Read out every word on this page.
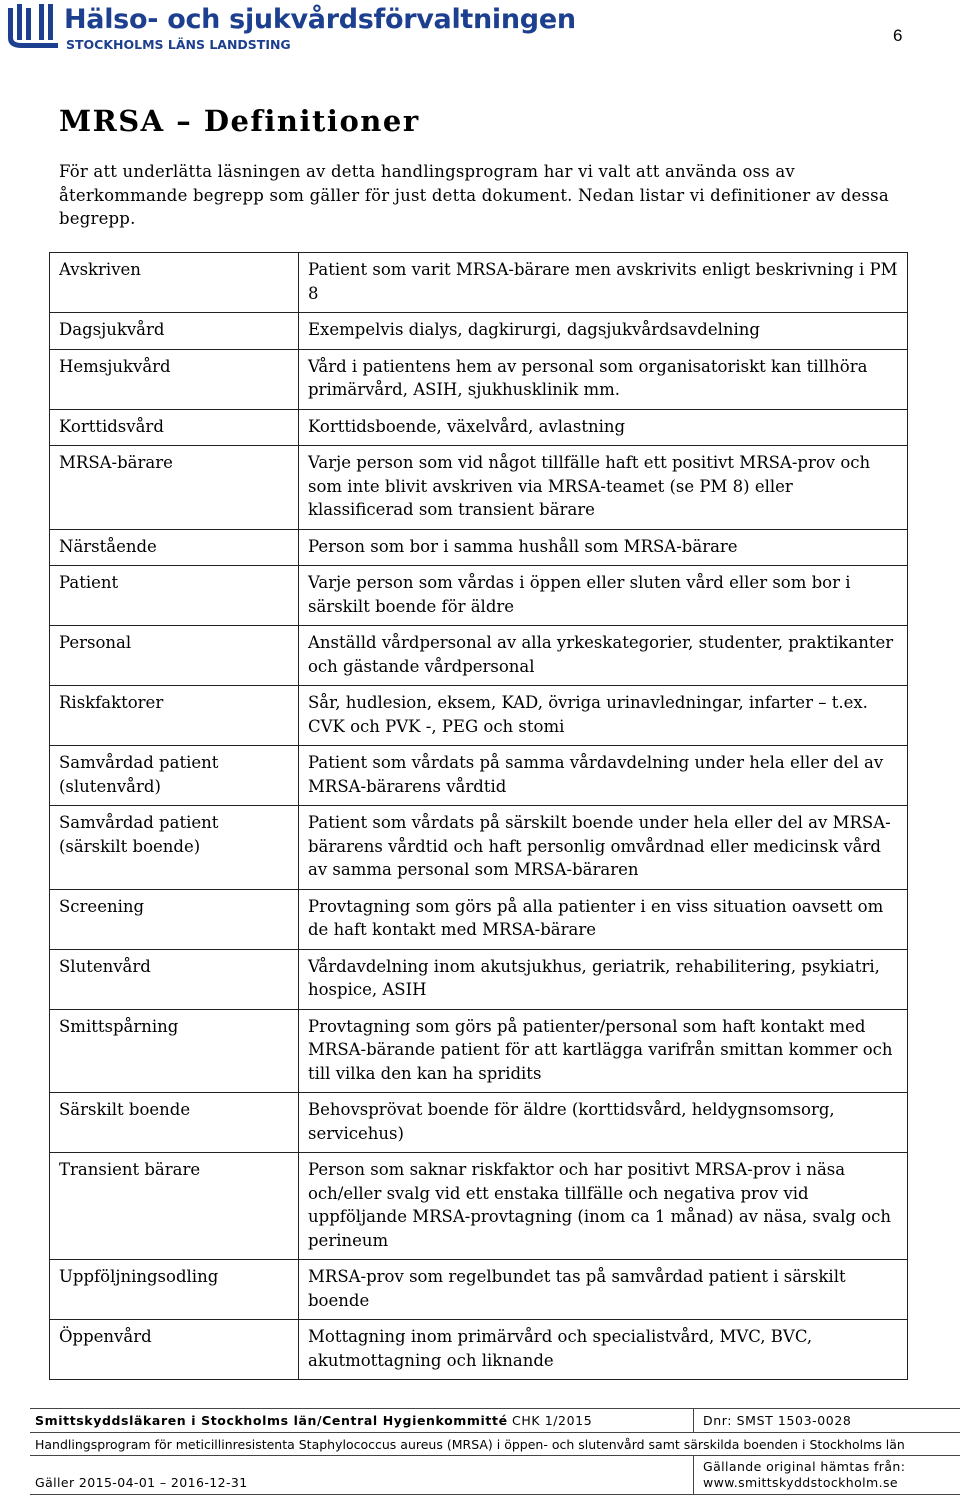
Hälso- och sjukvårdsförvaltningen
STOCKHOLMS LÄNS LANDSTING	6
MRSA – Definitioner

För att underlätta läsningen av detta handlingsprogram har vi valt att använda oss av återkommande begrepp som gäller för just detta dokument. Nedan listar vi definitioner av dessa begrepp.

Avskriven	Patient som varit MRSA-bärare men avskrivits enligt beskrivning i PM 8
Dagsjukvård	Exempelvis dialys, dagkirurgi, dagsjukvårdsavdelning
Hemsjukvård	Vård i patientens hem av personal som organisatoriskt kan tillhöra primärvård, ASIH, sjukhusklinik mm.
Korttidsvård	Korttidsboende, växelvård, avlastning
MRSA-bärare	Varje person som vid något tillfälle haft ett positivt MRSA-prov och som inte blivit avskriven via MRSA-teamet (se PM 8) eller klassificerad som transient bärare
Närstående	Person som bor i samma hushåll som MRSA-bärare
Patient	Varje person som vårdas i öppen eller sluten vård eller som bor i särskilt boende för äldre
Personal	Anställd vårdpersonal av alla yrkeskategorier, studenter, praktikanter och gästande vårdpersonal
Riskfaktorer	Sår, hudlesion, eksem, KAD, övriga urinavledningar, infarter – t.ex. CVK och PVK -, PEG och stomi
Samvårdad patient (slutenvård)	Patient som vårdats på samma vårdavdelning under hela eller del av MRSA-bärarens vårdtid
Samvårdad patient (särskilt boende)	Patient som vårdats på särskilt boende under hela eller del av MRSA-bärarens vårdtid och haft personlig omvårdnad eller medicinsk vård av samma personal som MRSA-bäraren
Screening	Provtagning som görs på alla patienter i en viss situation oavsett om de haft kontakt med MRSA-bärare
Slutenvård	Vårdavdelning inom akutsjukhus, geriatrik, rehabilitering, psykiatri, hospice, ASIH
Smittspårning	Provtagning som görs på patienter/personal som haft kontakt med MRSA-bärande patient för att kartlägga varifrån smittan kommer och till vilka den kan ha spridits
Särskilt boende	Behovsprövat boende för äldre (korttidsvård, heldygnsomsorg, servicehus)
Transient bärare	Person som saknar riskfaktor och har positivt MRSA-prov i näsa och/eller svalg vid ett enstaka tillfälle och negativa prov vid uppföljande MRSA-provtagning (inom ca 1 månad) av näsa, svalg och perineum
Uppföljningsodling	MRSA-prov som regelbundet tas på samvårdad patient i särskilt boende
Öppenvård	Mottagning inom primärvård och specialistvård, MVC, BVC, akutmottagning och liknande
Smittskyddsläkaren i Stockholms län/Central Hygienkommitté CHK 1/2015	Dnr: SMST 1503-0028
Handlingsprogram för meticillinresistenta Staphylococcus aureus (MRSA) i öppen- och slutenvård samt särskilda boenden i Stockholms län
Gäller 2015-04-01 – 2016-12-31
Gällande original hämtas från:
www.smittskyddstockholm.se
